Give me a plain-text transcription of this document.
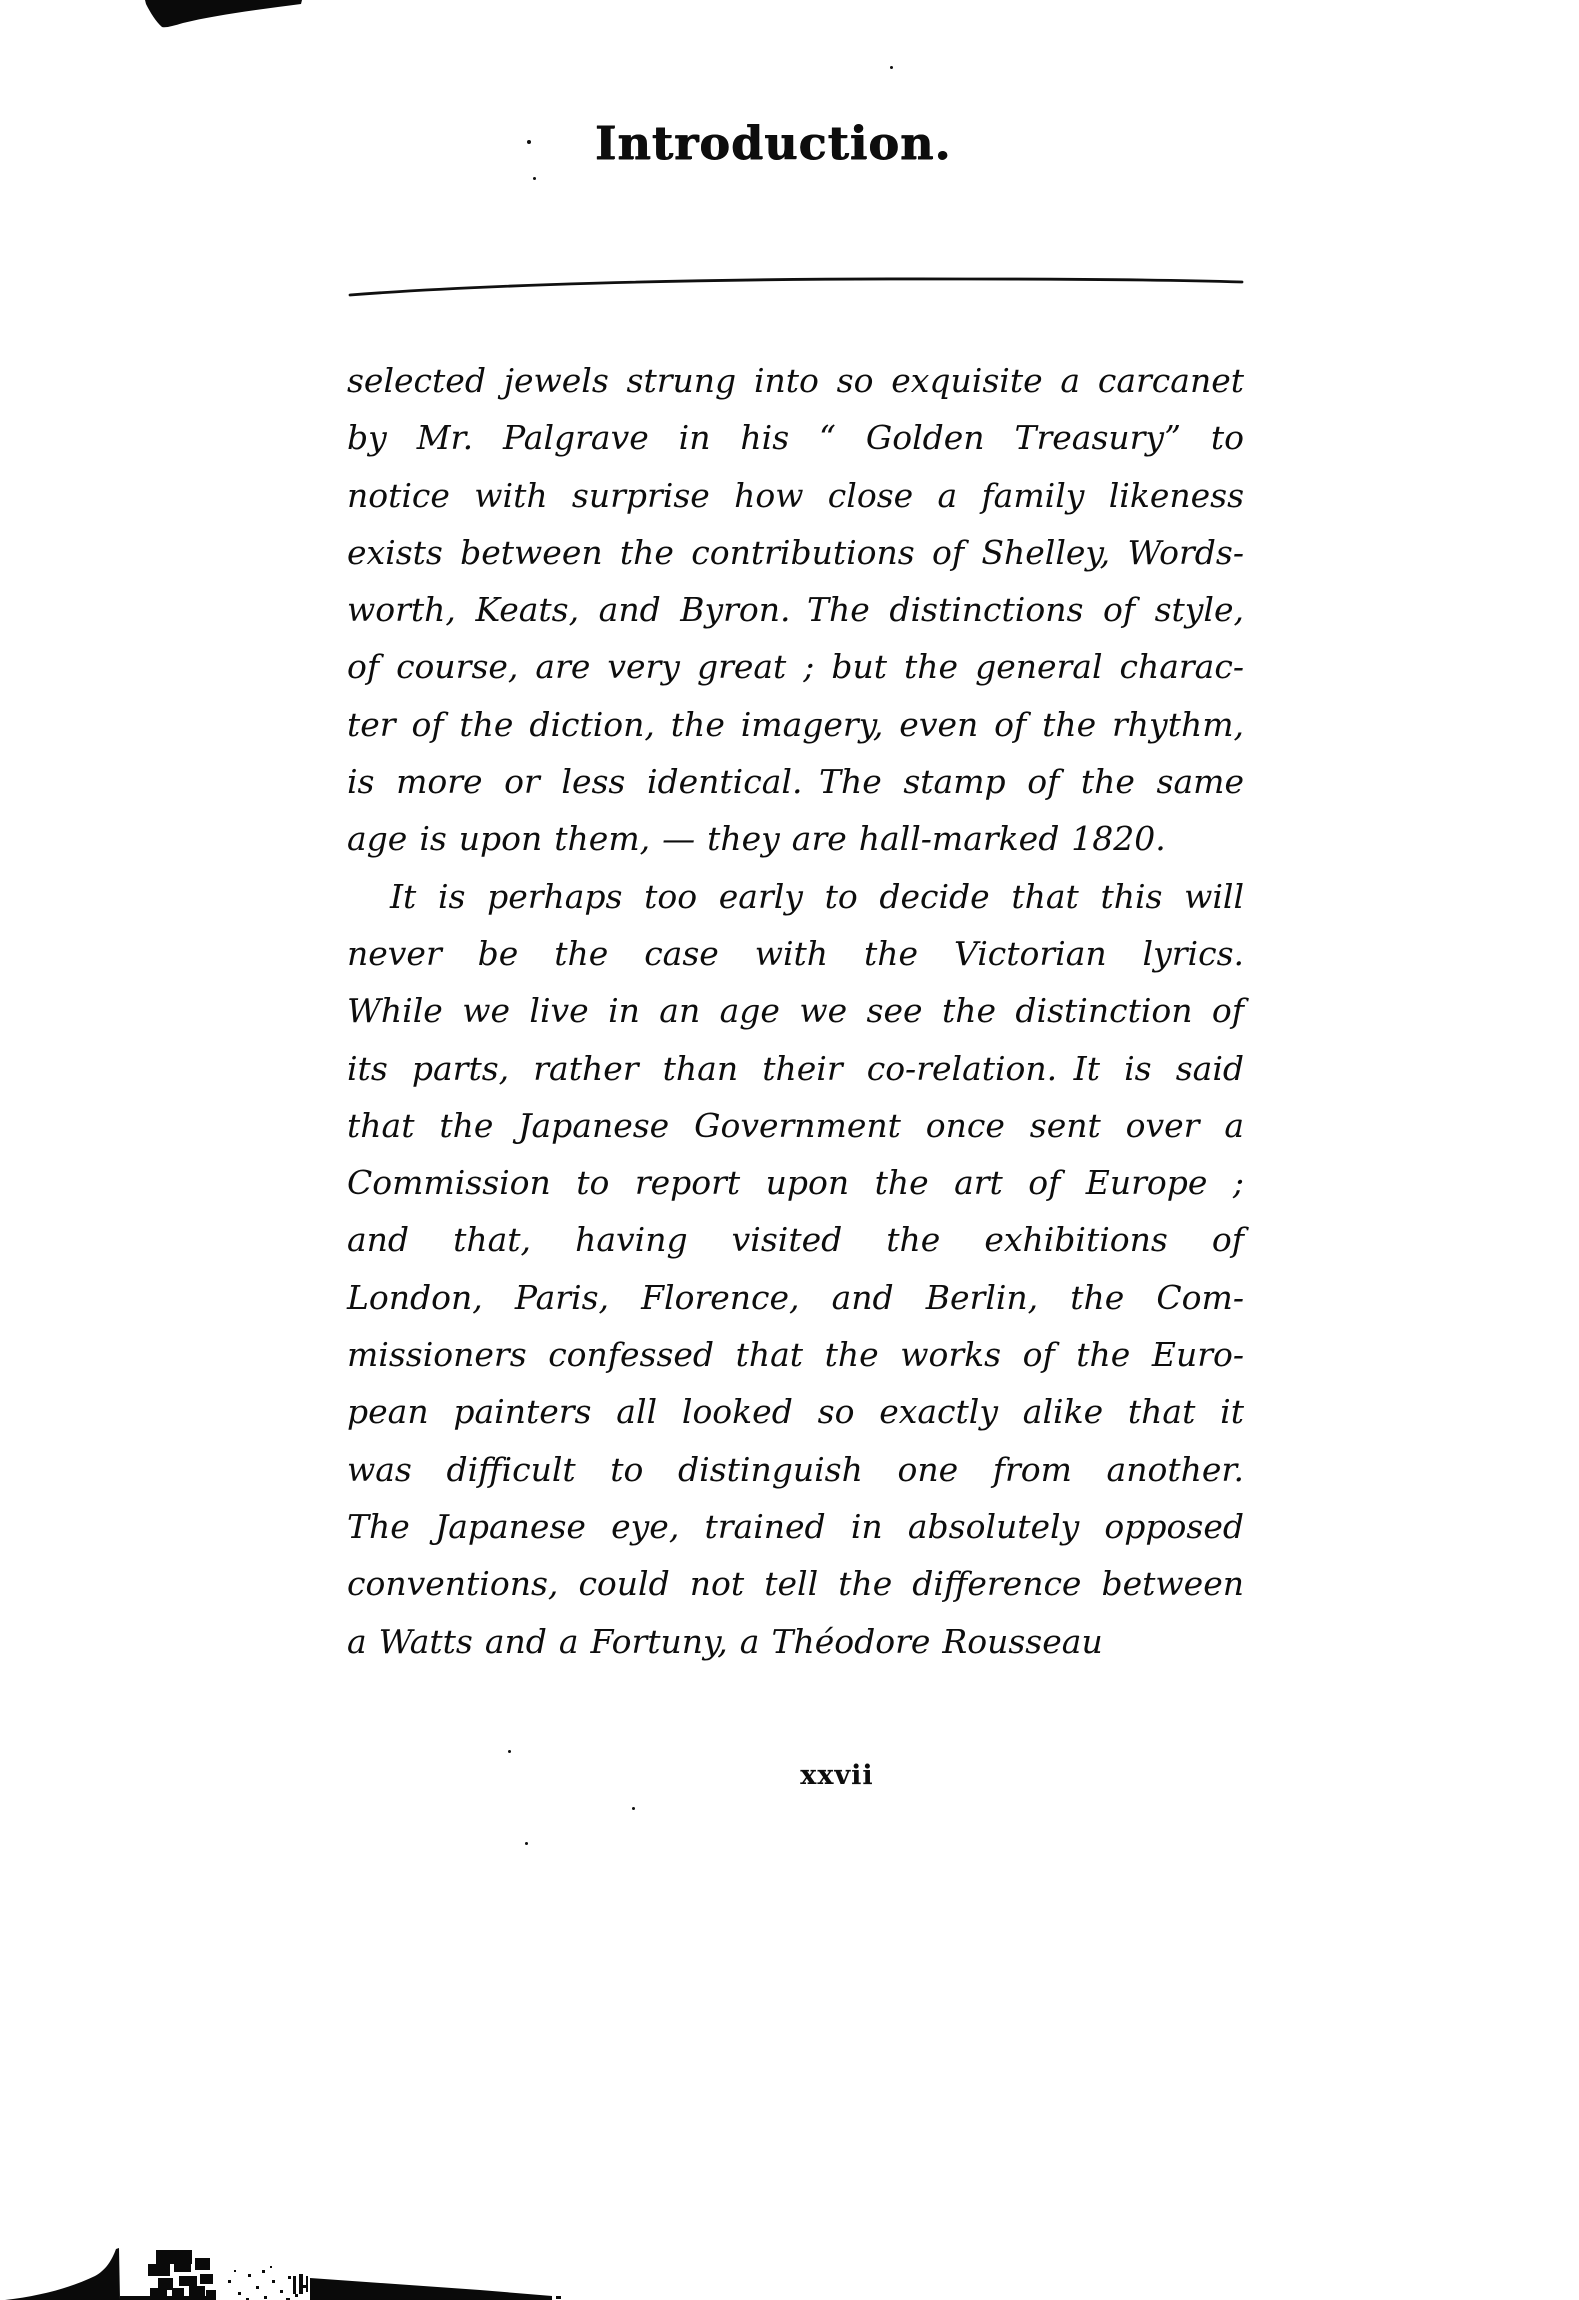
Introduction.
selected jewels strung into so exquisite a carcanet
by Mr. Palgrave in his “ Golden Treasury” to
notice with surprise how close a family likeness
exists between the contributions of Shelley, Words-
worth, Keats, and Byron. The distinctions of style,
of course, are very great ; but the general charac-
ter of the diction, the imagery, even of the rhythm,
is more or less identical. The stamp of the same
age is upon them, — they are hall-marked 1820.
It is perhaps too early to decide that this will
never be the case with the Victorian lyrics.
While we live in an age we see the distinction of
its parts, rather than their co-relation. It is said
that the Japanese Government once sent over a
Commission to report upon the art of Europe ;
and that, having visited the exhibitions of
London, Paris, Florence, and Berlin, the Com-
missioners confessed that the works of the Euro-
pean painters all looked so exactly alike that it
was difficult to distinguish one from another.
The Japanese eye, trained in absolutely opposed
conventions, could not tell the difference between
a Watts and a Fortuny, a Théodore Rousseau
xxvii
